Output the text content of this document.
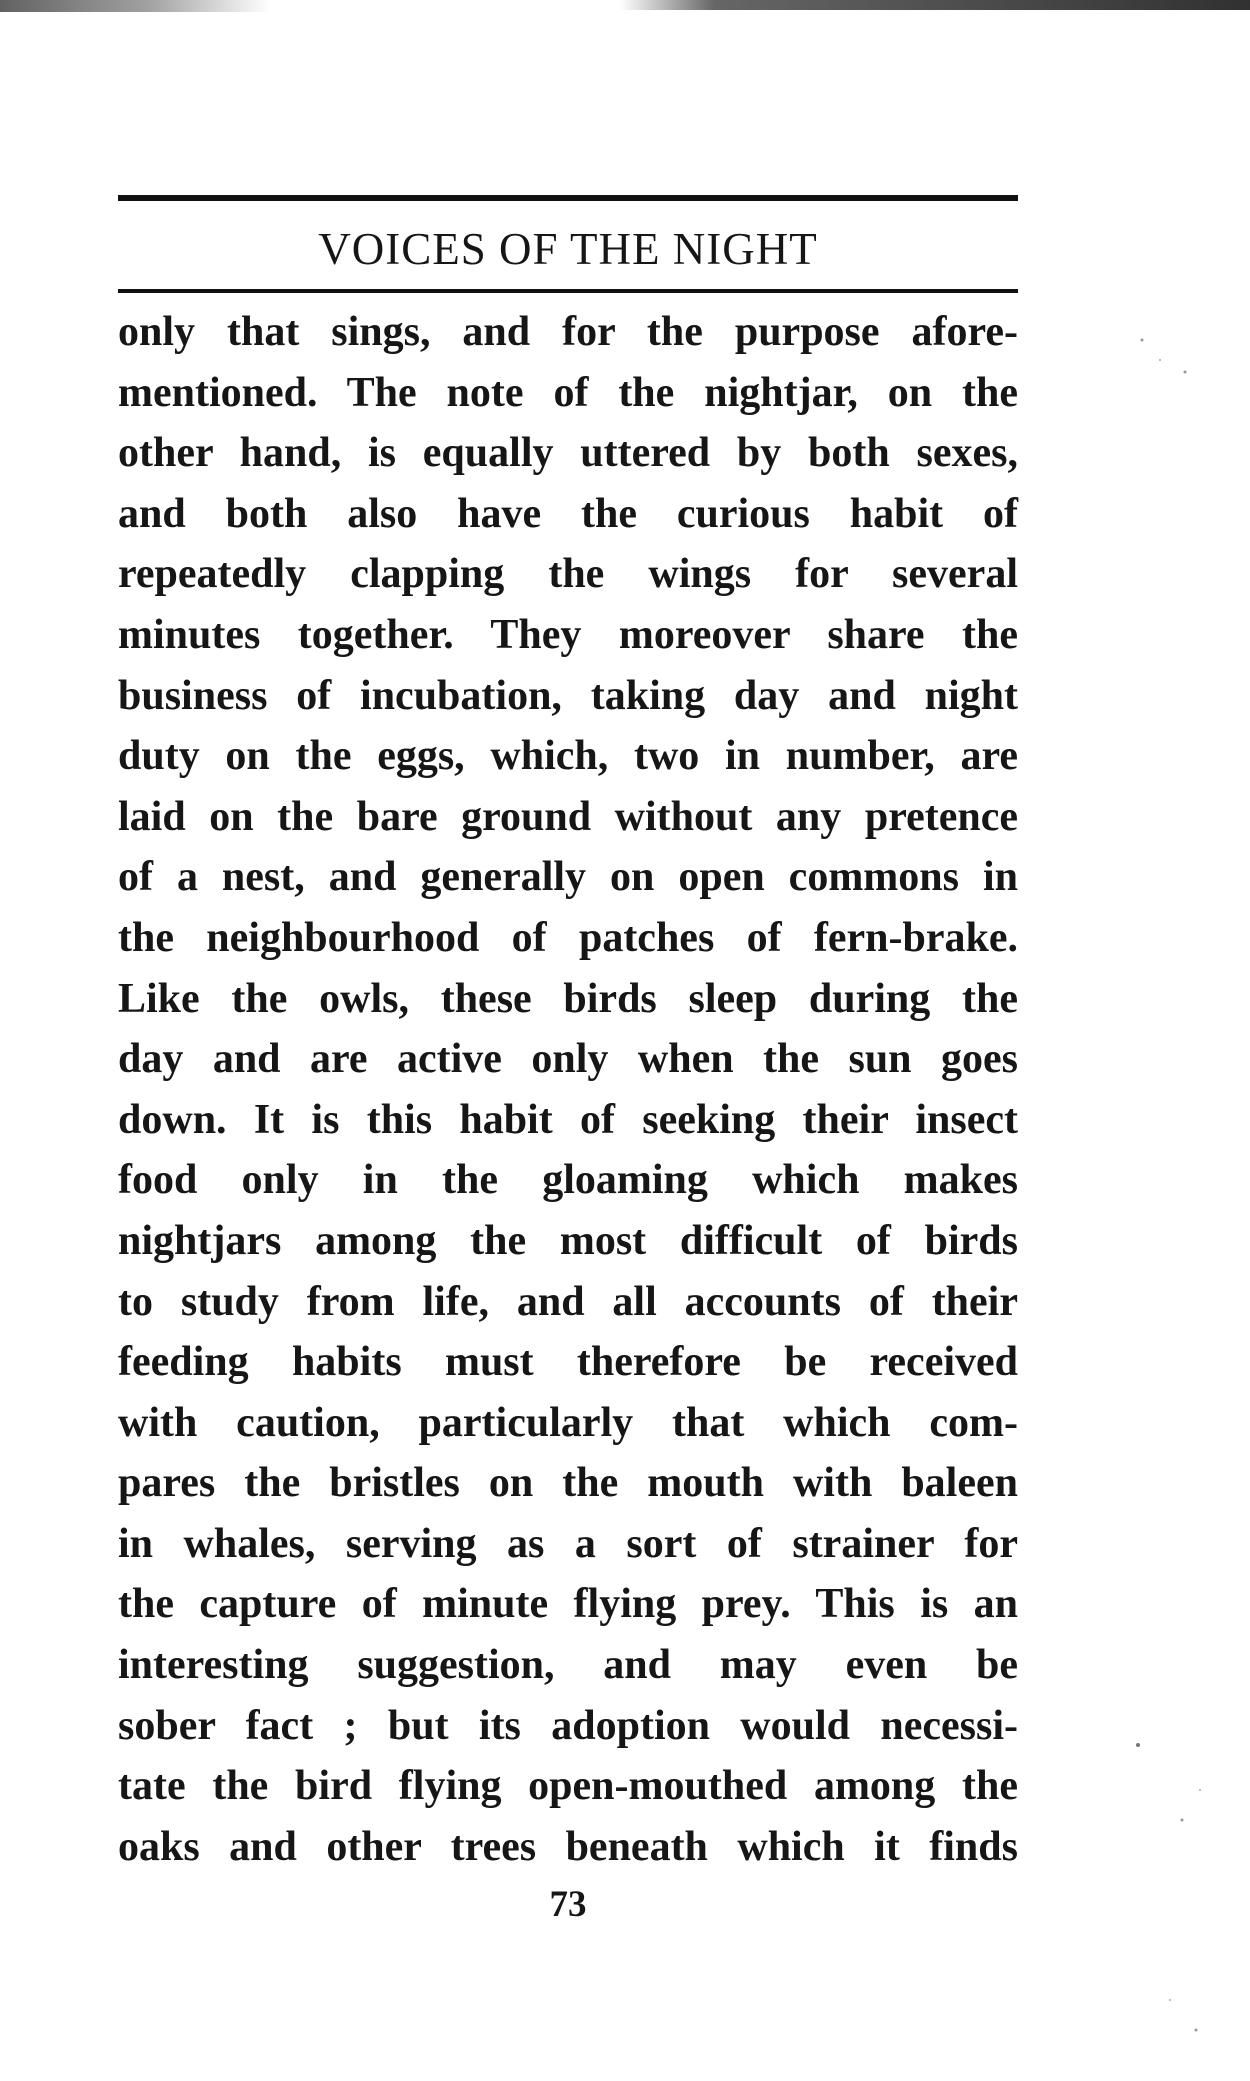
VOICES OF THE NIGHT
only that sings, and for the purpose afore-
mentioned. The note of the nightjar, on the
other hand, is equally uttered by both sexes,
and both also have the curious habit of
repeatedly clapping the wings for several
minutes together. They moreover share the
business of incubation, taking day and night
duty on the eggs, which, two in number, are
laid on the bare ground without any pretence
of a nest, and generally on open commons in
the neighbourhood of patches of fern-brake.
Like the owls, these birds sleep during the
day and are active only when the sun goes
down. It is this habit of seeking their insect
food only in the gloaming which makes
nightjars among the most difficult of birds
to study from life, and all accounts of their
feeding habits must therefore be received
with caution, particularly that which com-
pares the bristles on the mouth with baleen
in whales, serving as a sort of strainer for
the capture of minute flying prey. This is an
interesting suggestion, and may even be
sober fact ; but its adoption would necessi-
tate the bird flying open-mouthed among the
oaks and other trees beneath which it finds
73
